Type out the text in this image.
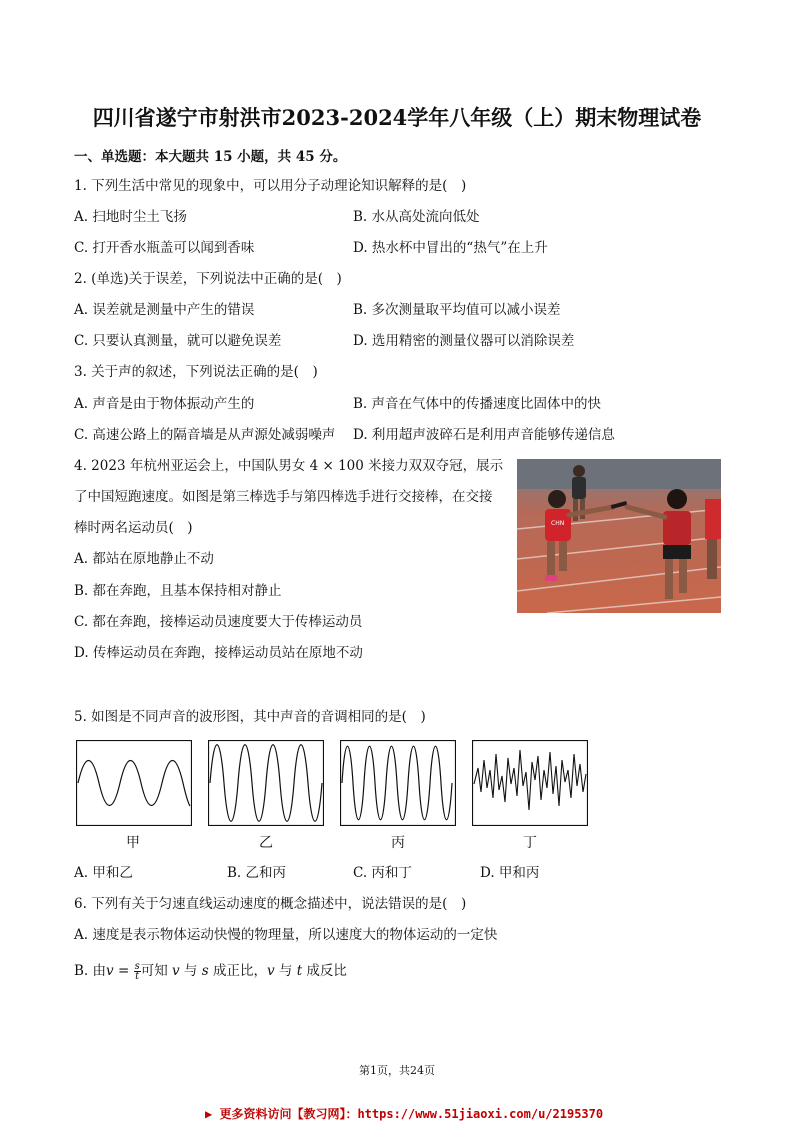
四川省遂宁市射洪市2023-2024学年八年级（上）期末物理试卷
一、单选题：本大题共 15 小题，共 45 分。
1. 下列生活中常见的现象中，可以用分子动理论知识解释的是(　)
A. 扫地时尘土飞扬	B. 水从高处流向低处
C. 打开香水瓶盖可以闻到香味	D. 热水杯中冒出的“热气”在上升
2. (单选)关于误差，下列说法中正确的是(　)
A. 误差就是测量中产生的错误	B. 多次测量取平均值可以减小误差
C. 只要认真测量，就可以避免误差	D. 选用精密的测量仪器可以消除误差
3. 关于声的叙述，下列说法正确的是(　)
A. 声音是由于物体振动产生的	B. 声音在气体中的传播速度比固体中的快
C. 高速公路上的隔音墙是从声源处减弱噪声 D. 利用超声波碎石是利用声音能够传递信息
4. 2023 年杭州亚运会上，中国队男女 4 × 100 米接力双双夺冠，展示
了中国短跑速度。如图是第三棒选手与第四棒选手进行交接棒，在交接
棒时两名运动员(　)
A. 都站在原地静止不动
B. 都在奔跑，且基本保持相对静止
C. 都在奔跑，接棒运动员速度要大于传棒运动员
D. 传棒运动员在奔跑，接棒运动员站在原地不动
CHN
5. 如图是不同声音的波形图，其中声音的音调相同的是(　)
甲	乙	丙	丁
A. 甲和乙	B. 乙和丙	C. 丙和丁	D. 甲和丙
6. 下列有关于匀速直线运动速度的概念描述中，说法错误的是(　)
A. 速度是表示物体运动快慢的物理量，所以速度大的物体运动的一定快
B. 由$v = \frac{s}{t}$ 可知 v 与 s 成正比，v 与 t 成反比
第1页，共24页
▶ 更多资料访问【教习网】：https://www.51jiaoxi.com/u/2195370
